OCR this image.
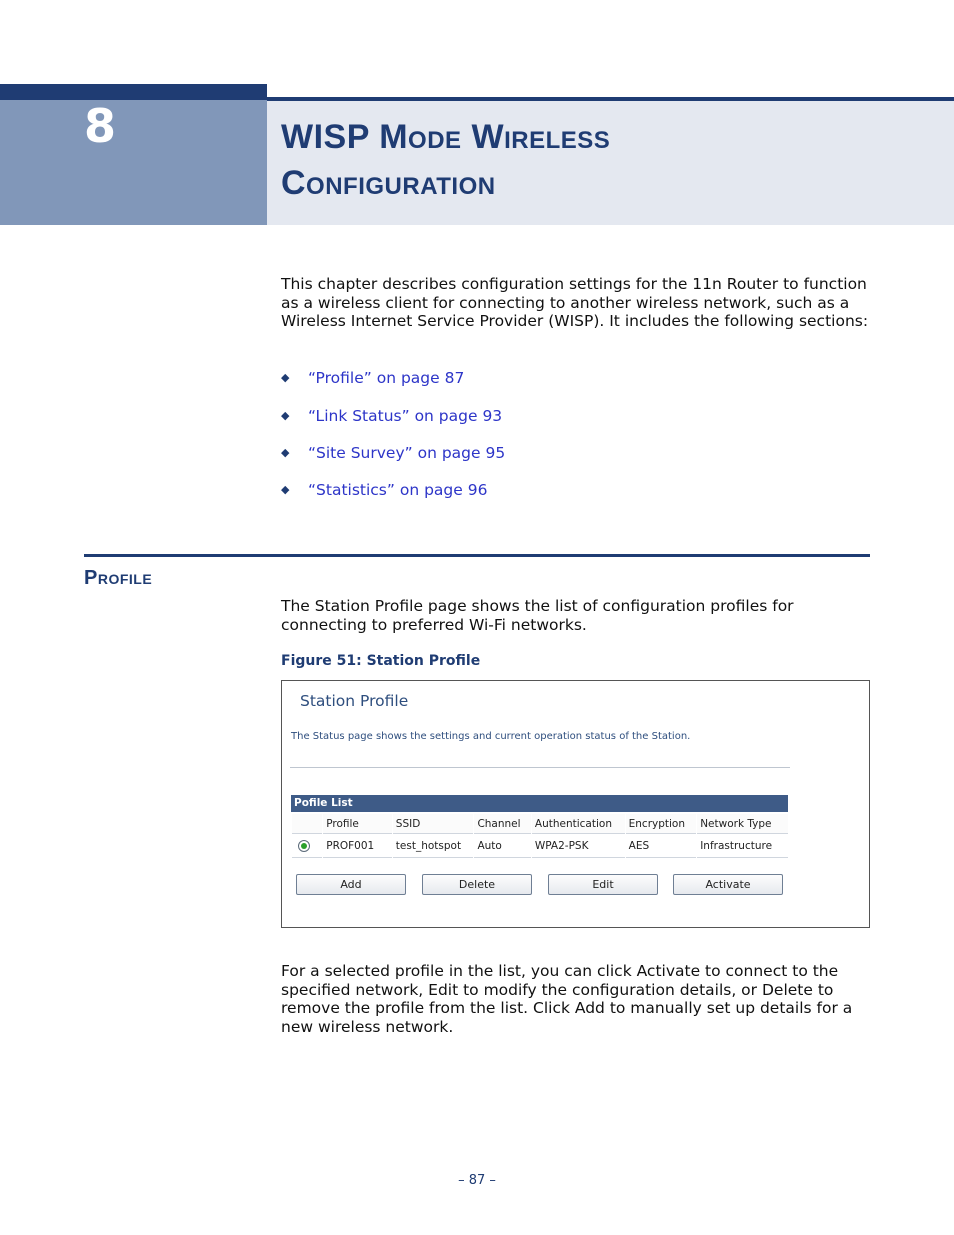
8	WISP Mode Wireless
Configuration
This chapter describes configuration settings for the 11n Router to function as a wireless client for connecting to another wireless network, such as a Wireless Internet Service Provider (WISP). It includes the following sections:
◆ “Profile” on page 87
◆ “Link Status” on page 93
◆ “Site Survey” on page 95
◆ “Statistics” on page 96
Profile
The Station Profile page shows the list of configuration profiles for connecting to preferred Wi-Fi networks.
Figure 51: Station Profile
Station Profile
The Status page shows the settings and current operation status of the Station.
Pofile List
	Profile	SSID	Channel	Authentication	Encryption	Network Type
	PROF001	test_hotspot	Auto	WPA2-PSK	AES	Infrastructure
Add	Delete	Edit	Activate
For a selected profile in the list, you can click Activate to connect to the specified network, Edit to modify the configuration details, or Delete to remove the profile from the list. Click Add to manually set up details for a new wireless network.
– 87 –
